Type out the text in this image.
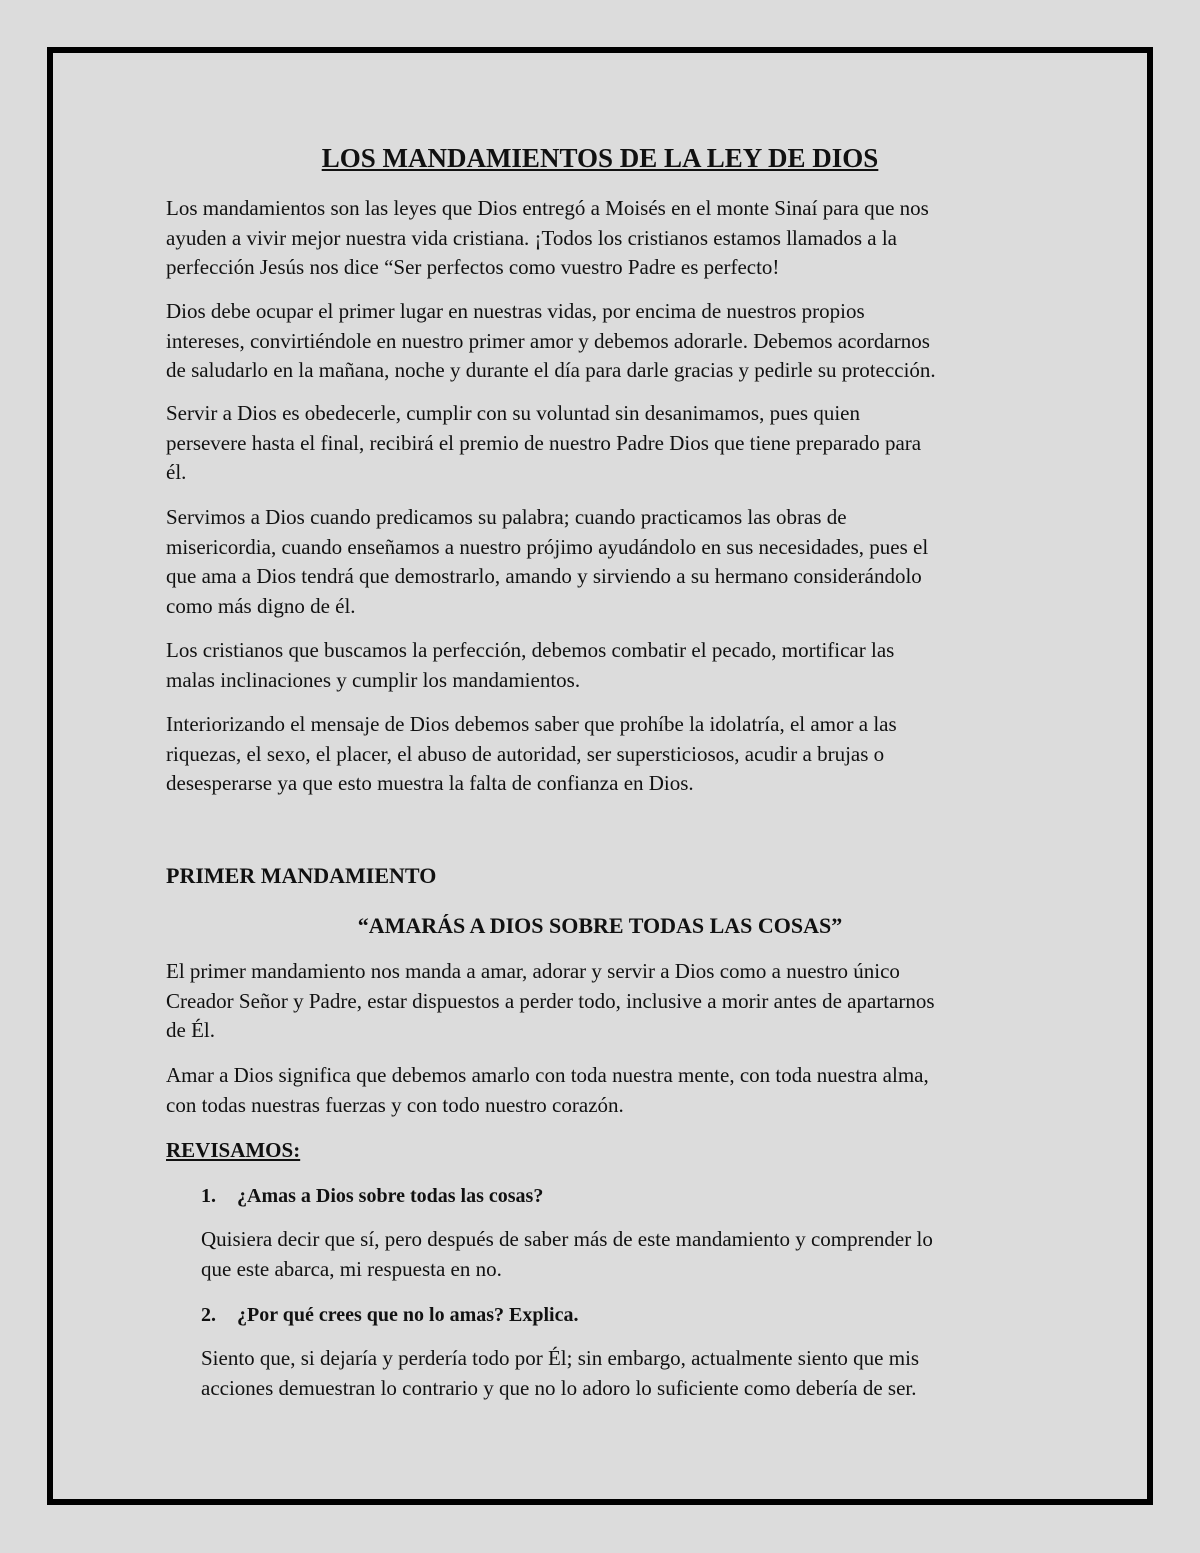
LOS MANDAMIENTOS DE LA LEY DE DIOS
Los mandamientos son las leyes que Dios entregó a Moisés en el monte Sinaí para que nos
ayuden a vivir mejor nuestra vida cristiana. ¡Todos los cristianos estamos llamados a la
perfección Jesús nos dice “Ser perfectos como vuestro Padre es perfecto!
Dios debe ocupar el primer lugar en nuestras vidas, por encima de nuestros propios
intereses, convirtiéndole en nuestro primer amor y debemos adorarle. Debemos acordarnos
de saludarlo en la mañana, noche y durante el día para darle gracias y pedirle su protección.
Servir a Dios es obedecerle, cumplir con su voluntad sin desanimamos, pues quien
persevere hasta el final, recibirá el premio de nuestro Padre Dios que tiene preparado para
él.
Servimos a Dios cuando predicamos su palabra; cuando practicamos las obras de
misericordia, cuando enseñamos a nuestro prójimo ayudándolo en sus necesidades, pues el
que ama a Dios tendrá que demostrarlo, amando y sirviendo a su hermano considerándolo
como más digno de él.
Los cristianos que buscamos la perfección, debemos combatir el pecado, mortificar las
malas inclinaciones y cumplir los mandamientos.
Interiorizando el mensaje de Dios debemos saber que prohíbe la idolatría, el amor a las
riquezas, el sexo, el placer, el abuso de autoridad, ser supersticiosos, acudir a brujas o
desesperarse ya que esto muestra la falta de confianza en Dios.
El primer mandamiento nos manda a amar, adorar y servir a Dios como a nuestro único
Creador Señor y Padre, estar dispuestos a perder todo, inclusive a morir antes de apartarnos
de Él.
Amar a Dios significa que debemos amarlo con toda nuestra mente, con toda nuestra alma,
con todas nuestras fuerzas y con todo nuestro corazón.
Quisiera decir que sí, pero después de saber más de este mandamiento y comprender lo
que este abarca, mi respuesta en no.
Siento que, si dejaría y perdería todo por Él; sin embargo, actualmente siento que mis
acciones demuestran lo contrario y que no lo adoro lo suficiente como debería de ser.
PRIMER MANDAMIENTO
“AMARÁS A DIOS SOBRE TODAS LAS COSAS”
REVISAMOS:
1. ¿Amas a Dios sobre todas las cosas?
2. ¿Por qué crees que no lo amas? Explica.
